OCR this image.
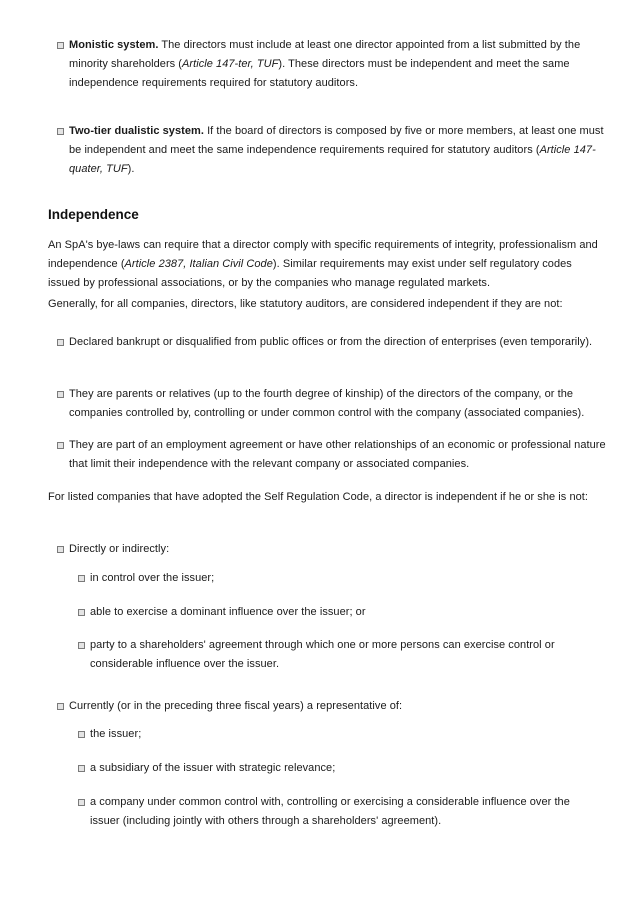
Monistic system. The directors must include at least one director appointed from a list submitted by the minority shareholders (Article 147-ter, TUF). These directors must be independent and meet the same independence requirements required for statutory auditors.
Two-tier dualistic system. If the board of directors is composed by five or more members, at least one must be independent and meet the same independence requirements required for statutory auditors (Article 147-quater, TUF).
Independence
An SpA's bye-laws can require that a director comply with specific requirements of integrity, professionalism and independence (Article 2387, Italian Civil Code). Similar requirements may exist under self regulatory codes issued by professional associations, or by the companies who manage regulated markets.
Generally, for all companies, directors, like statutory auditors, are considered independent if they are not:
Declared bankrupt or disqualified from public offices or from the direction of enterprises (even temporarily).
They are parents or relatives (up to the fourth degree of kinship) of the directors of the company, or the companies controlled by, controlling or under common control with the company (associated companies).
They are part of an employment agreement or have other relationships of an economic or professional nature that limit their independence with the relevant company or associated companies.
For listed companies that have adopted the Self Regulation Code, a director is independent if he or she is not:
Directly or indirectly:
in control over the issuer;
able to exercise a dominant influence over the issuer; or
party to a shareholders' agreement through which one or more persons can exercise control or considerable influence over the issuer.
Currently (or in the preceding three fiscal years) a representative of:
the issuer;
a subsidiary of the issuer with strategic relevance;
a company under common control with, controlling or exercising a considerable influence over the issuer (including jointly with others through a shareholders' agreement).
